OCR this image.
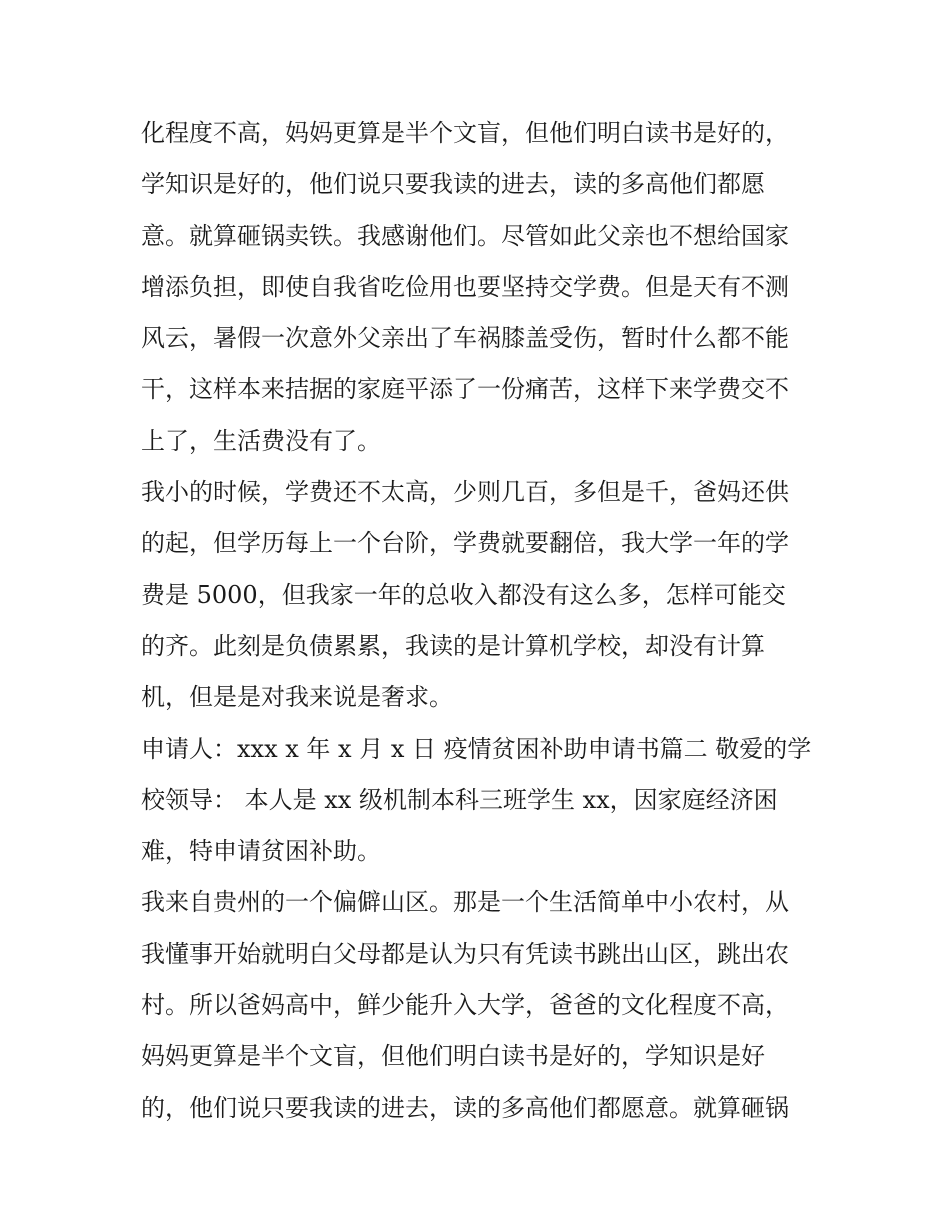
化程度不高，妈妈更算是半个文盲，但他们明白读书是好的，
学知识是好的，他们说只要我读的进去，读的多高他们都愿
意。就算砸锅卖铁。我感谢他们。尽管如此父亲也不想给国家
增添负担，即使自我省吃俭用也要坚持交学费。但是天有不测
风云，暑假一次意外父亲出了车祸膝盖受伤，暂时什么都不能
干，这样本来拮据的家庭平添了一份痛苦，这样下来学费交不
上了，生活费没有了。
我小的时候，学费还不太高，少则几百，多但是千，爸妈还供
的起，但学历每上一个台阶，学费就要翻倍，我大学一年的学
费是 5000，但我家一年的总收入都没有这么多，怎样可能交
的齐。此刻是负债累累，我读的是计算机学校，却没有计算
机，但是是对我来说是奢求。
申请人：xxx x 年 x 月 x 日 疫情贫困补助申请书篇二 敬爱的学
校领导： 本人是 xx 级机制本科三班学生 xx，因家庭经济困
难，特申请贫困补助。
我来自贵州的一个偏僻山区。那是一个生活简单中小农村，从
我懂事开始就明白父母都是认为只有凭读书跳出山区，跳出农
村。所以爸妈高中，鲜少能升入大学，爸爸的文化程度不高，
妈妈更算是半个文盲，但他们明白读书是好的，学知识是好
的，他们说只要我读的进去，读的多高他们都愿意。就算砸锅
